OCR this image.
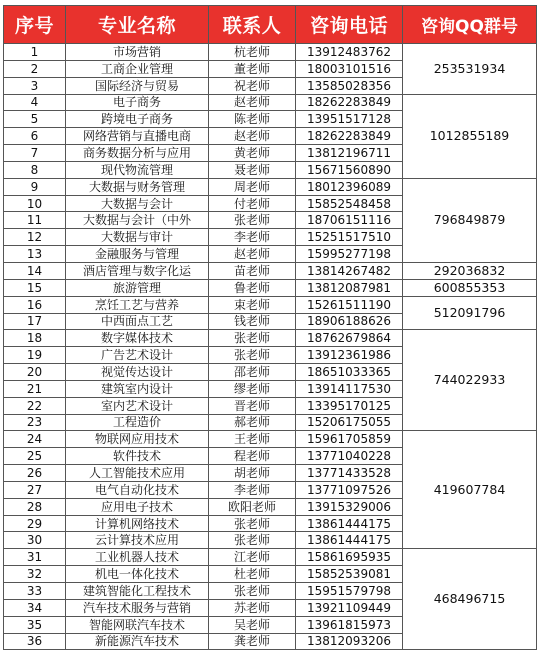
序号	专业名称	联系人	咨询电话	咨询QQ群号
1	市场营销	杭老师	13912483762	253531934
2	工商企业管理	董老师	18003101516	
3	国际经济与贸易	祝老师	13585028356	
4	电子商务	赵老师	18262283849	1012855189
5	跨境电子商务	陈老师	13951517128	
6	网络营销与直播电商	赵老师	18262283849	
7	商务数据分析与应用	黄老师	13812196711	
8	现代物流管理	聂老师	15671560890	
9	大数据与财务管理	周老师	18012396089	796849879
10	大数据与会计	付老师	15852548458	
11	大数据与会计（中外	张老师	18706151116	
12	大数据与审计	李老师	15251517510	
13	金融服务与管理	赵老师	15995277198	
14	酒店管理与数字化运	苗老师	13814267482	292036832
15	旅游管理	鲁老师	13812087981	600855353
16	烹饪工艺与营养	束老师	15261511190	512091796
17	中西面点工艺	钱老师	18906188626	
18	数字媒体技术	张老师	18762679864	744022933
19	广告艺术设计	张老师	13912361986	
20	视觉传达设计	邵老师	18651033365	
21	建筑室内设计	缪老师	13914117530	
22	室内艺术设计	晋老师	13395170125	
23	工程造价	郝老师	15206175055	
24	物联网应用技术	王老师	15961705859	419607784
25	软件技术	程老师	13771040228	
26	人工智能技术应用	胡老师	13771433528	
27	电气自动化技术	李老师	13771097526	
28	应用电子技术	欧阳老师	13915329006	
29	计算机网络技术	张老师	13861444175	
30	云计算技术应用	张老师	13861444175	
31	工业机器人技术	江老师	15861695935	468496715
32	机电一体化技术	杜老师	15852539081	
33	建筑智能化工程技术	张老师	15951579798	
34	汽车技术服务与营销	苏老师	13921109449	
35	智能网联汽车技术	吴老师	13961815973	
36	新能源汽车技术	龚老师	13812093206	
